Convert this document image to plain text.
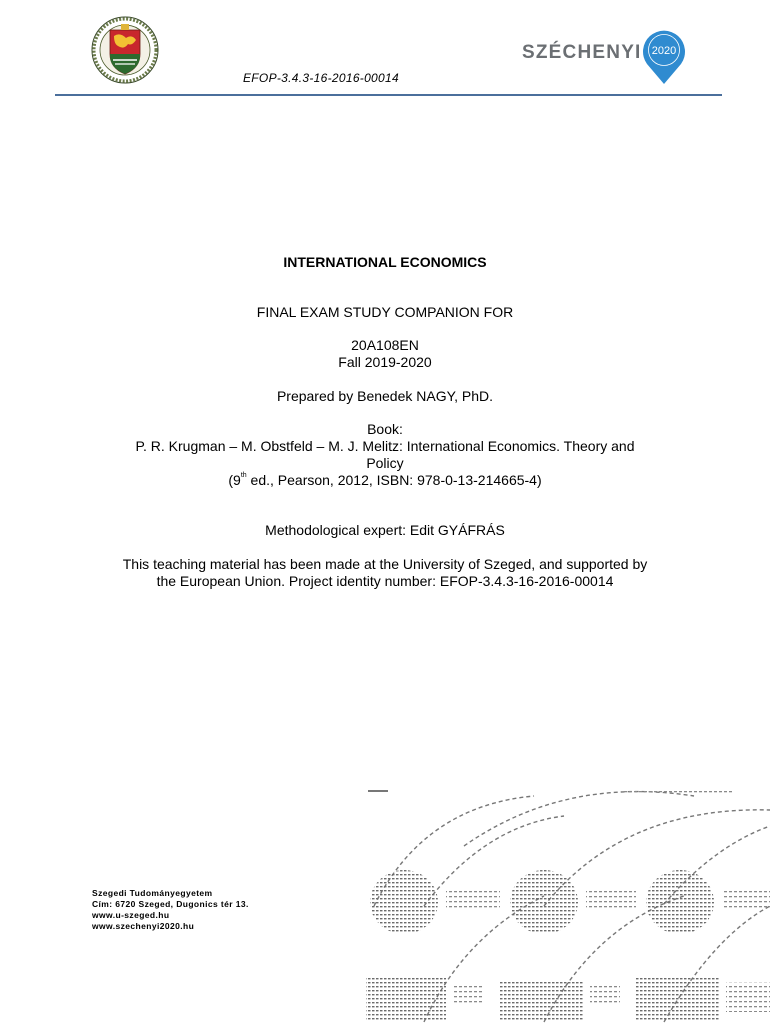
EFOP-3.4.3-16-2016-00014
SZÉCHENYI 2020
INTERNATIONAL ECONOMICS
FINAL EXAM STUDY COMPANION FOR
20A108EN
Fall 2019-2020
Prepared by Benedek NAGY, PhD.
Book:
P. R. Krugman – M. Obstfeld – M. J. Melitz: International Economics. Theory and
Policy
(9th ed., Pearson, 2012, ISBN: 978-0-13-214665-4)
Methodological expert: Edit GYÁFRÁS
This teaching material has been made at the University of Szeged, and supported by
the European Union. Project identity number: EFOP-3.4.3-16-2016-00014
Szegedi Tudományegyetem
Cím: 6720 Szeged, Dugonics tér 13.
www.u-szeged.hu
www.szechenyi2020.hu
